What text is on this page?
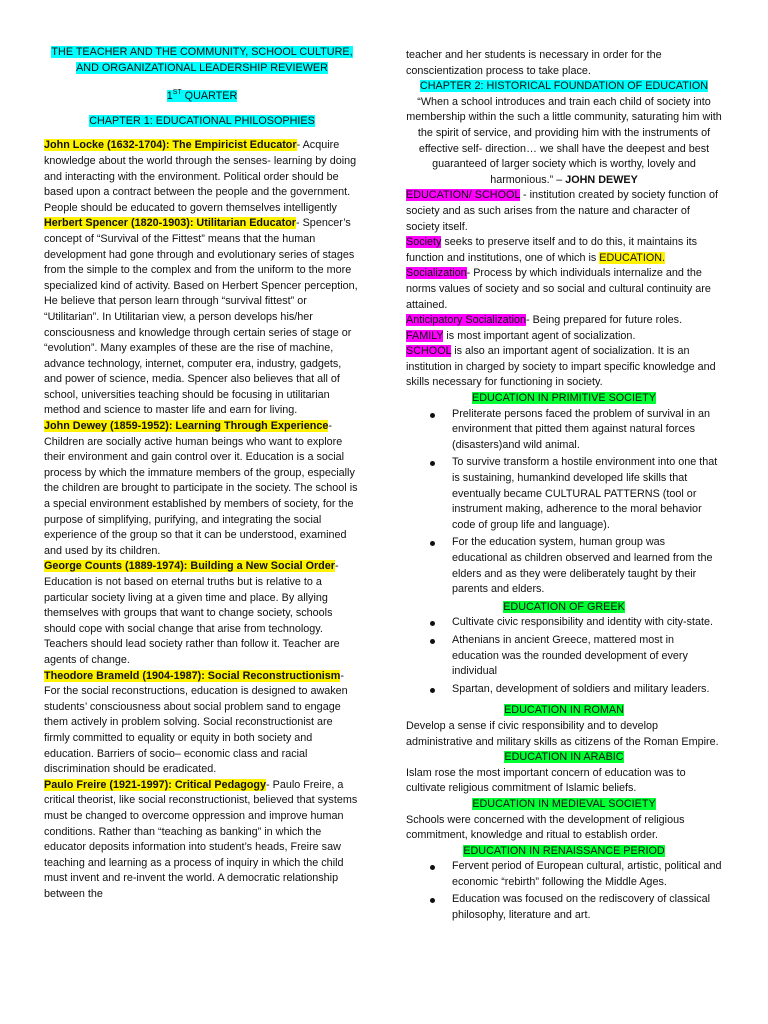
THE TEACHER AND THE COMMUNITY, SCHOOL CULTURE,
AND ORGANIZATIONAL LEADERSHIP REVIEWER

1ST QUARTER

CHAPTER 1: EDUCATIONAL PHILOSOPHIES

John Locke (1632-1704): The Empiricist Educator- Acquire knowledge about the world through the senses- learning by doing and interacting with the environment. Political order should be based upon a contract between the people and the government. People should be educated to govern themselves intelligently

Herbert Spencer (1820-1903): Utilitarian Educator- Spencer’s concept of “Survival of the Fittest” means that the human development had gone through and evolutionary series of stages from the simple to the complex and from the uniform to the more specialized kind of activity. Based on Herbert Spencer perception, He believe that person learn through “survival fittest” or “Utilitarian”. In Utilitarian view, a person develops his/her consciousness and knowledge through certain series of stage or “evolution”. Many examples of these are the rise of machine, advance technology, internet, computer era, industry, gadgets, and power of science, media. Spencer also believes that all of school, universities teaching should be focusing in utilitarian method and science to master life and earn for living.

John Dewey (1859-1952): Learning Through Experience- Children are socially active human beings who want to explore their environment and gain control over it. Education is a social process by which the immature members of the group, especially the children are brought to participate in the society. The school is a special environment established by members of society, for the purpose of simplifying, purifying, and integrating the social experience of the group so that it can be understood, examined and used by its children.

George Counts (1889-1974): Building a New Social Order- Education is not based on eternal truths but is relative to a particular society living at a given time and place. By allying themselves with groups that want to change society, schools should cope with social change that arise from technology. Teachers should lead society rather than follow it. Teacher are agents of change.

Theodore Brameld (1904-1987): Social Reconstructionism- For the social reconstructions, education is designed to awaken students’ consciousness about social problem sand to engage them actively in problem solving. Social reconstructionist are firmly committed to equality or equity in both society and education. Barriers of socio– economic class and racial discrimination should be eradicated.

Paulo Freire (1921-1997): Critical Pedagogy- Paulo Freire, a critical theorist, like social reconstructionist, believed that systems must be changed to overcome oppression and improve human conditions. Rather than “teaching as banking” in which the educator deposits information into student’s heads, Freire saw teaching and learning as a process of inquiry in which the child must invent and re-invent the world. A democratic relationship between the

teacher and her students is necessary in order for the conscientization process to take place.

CHAPTER 2: HISTORICAL FOUNDATION OF EDUCATION

“When a school introduces and train each child of society into membership within the such a little community, saturating him with the spirit of service, and providing him with the instruments of effective self- direction… we shall have the deepest and best guaranteed of larger society which is worthy, lovely and harmonious.” – JOHN DEWEY

EDUCATION/ SCHOOL - institution created by society function of society and as such arises from the nature and character of society itself.

Society seeks to preserve itself and to do this, it maintains its function and institutions, one of which is EDUCATION.

Socialization- Process by which individuals internalize and the norms values of society and so social and cultural continuity are attained.

Anticipatory Socialization- Being prepared for future roles.

FAMILY is most important agent of socialization.

SCHOOL is also an important agent of socialization. It is an institution in charged by society to impart specific knowledge and skills necessary for functioning in society.

EDUCATION IN PRIMITIVE SOCIETY

Preliterate persons faced the problem of survival in an environment that pitted them against natural forces (disasters)and wild animal.
To survive transform a hostile environment into one that is sustaining, humankind developed life skills that eventually became CULTURAL PATTERNS (tool or instrument making, adherence to the moral behavior code of group life and language).
For the education system, human group was educational as children observed and learned from the elders and as they were deliberately taught by their parents and elders.

EDUCATION OF GREEK

Cultivate civic responsibility and identity with city-state.
Athenians in ancient Greece, mattered most in education was the rounded development of every individual
Spartan, development of soldiers and military leaders.

EDUCATION IN ROMAN

Develop a sense if civic responsibility and to develop administrative and military skills as citizens of the Roman Empire.

EDUCATION IN ARABIC

Islam rose the most important concern of education was to cultivate religious commitment of Islamic beliefs.

EDUCATION IN MEDIEVAL SOCIETY

Schools were concerned with the development of religious commitment, knowledge and ritual to establish order.

EDUCATION IN RENAISSANCE PERIOD

Fervent period of European cultural, artistic, political and economic “rebirth” following the Middle Ages.
Education was focused on the rediscovery of classical philosophy, literature and art.
